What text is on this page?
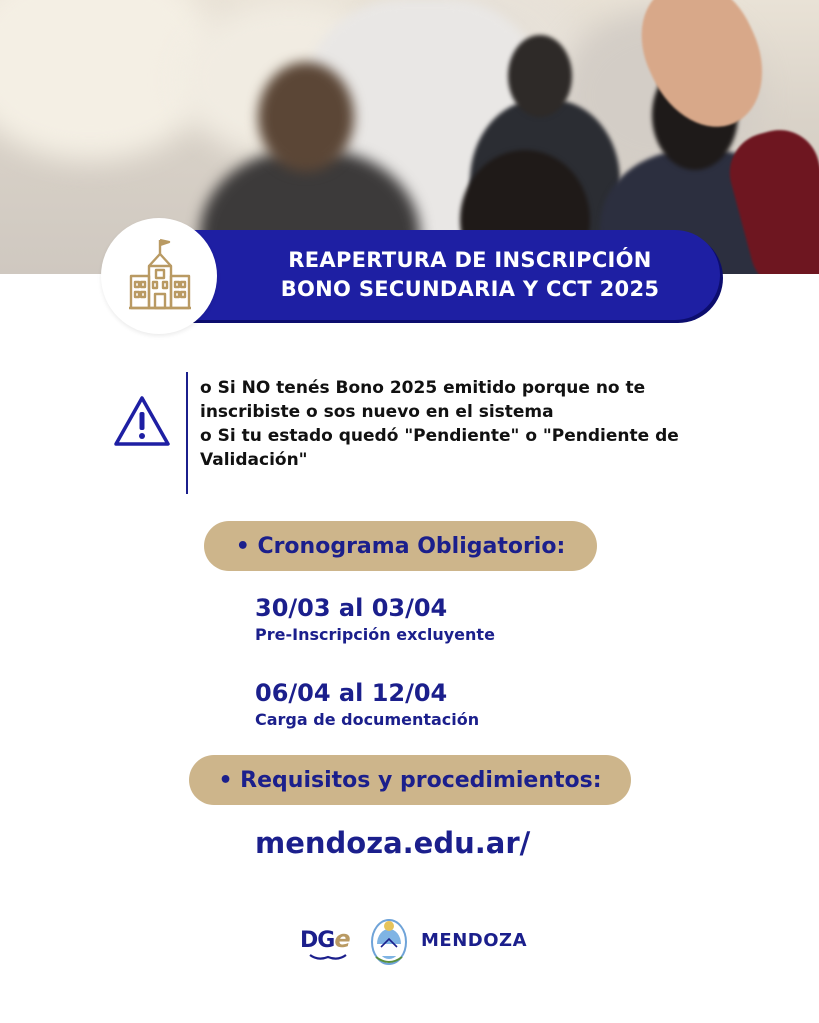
REAPERTURA DE INSCRIPCIÓN
BONO SECUNDARIA Y CCT 2025
o Si NO tenés Bono 2025 emitido porque no te
inscribiste o sos nuevo en el sistema
o Si tu estado quedó "Pendiente" o "Pendiente de
Validación"
• Cronograma Obligatorio:
30/03 al 03/04
Pre-Inscripción excluyente
06/04 al 12/04
Carga de documentación
• Requisitos y procedimientos:
mendoza.edu.ar/
DGe	MENDOZA
